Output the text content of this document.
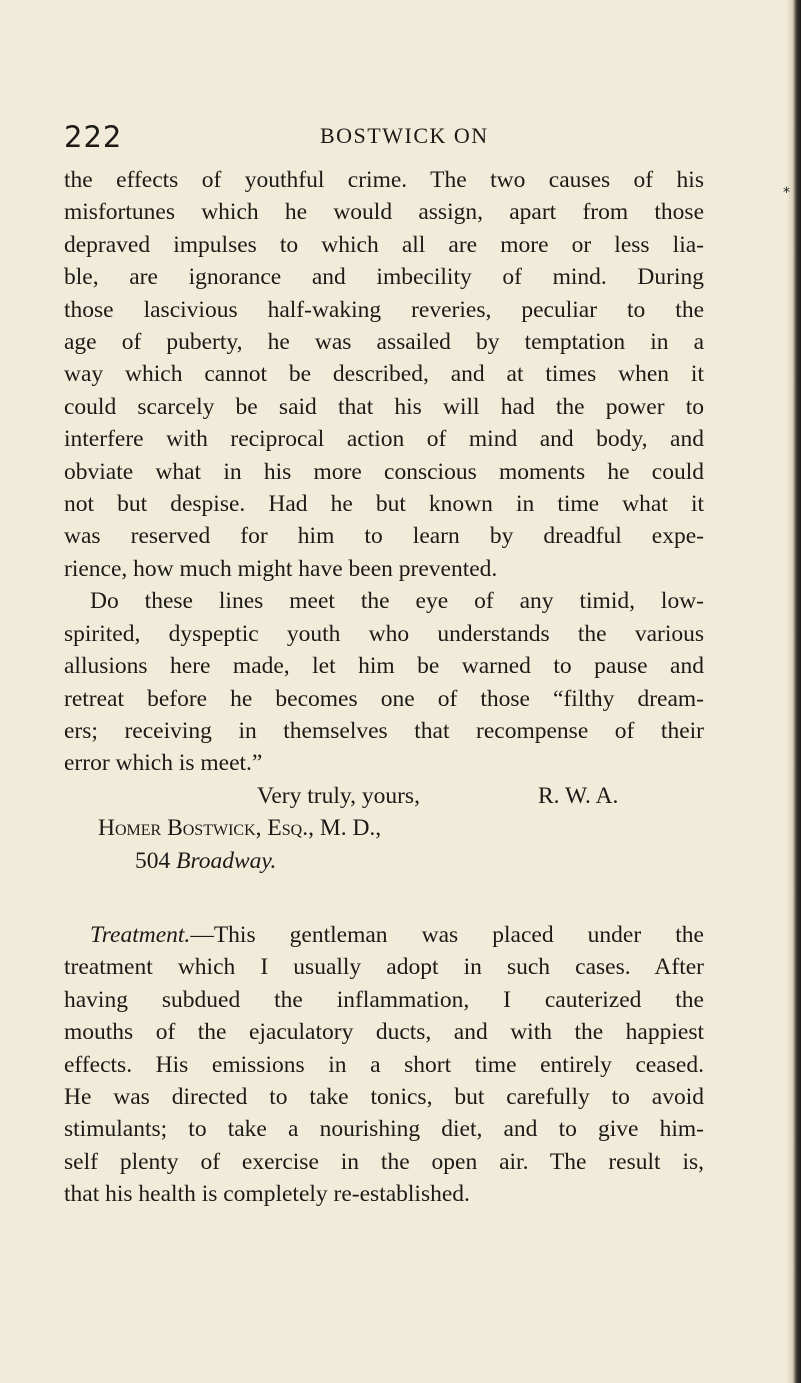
222	BOSTWICK ON
*
the effects of youthful crime. The two causes of his
misfortunes which he would assign, apart from those
depraved impulses to which all are more or less lia-
ble, are ignorance and imbecility of mind. During
those lascivious half-waking reveries, peculiar to the
age of puberty, he was assailed by temptation in a
way which cannot be described, and at times when it
could scarcely be said that his will had the power to
interfere with reciprocal action of mind and body, and
obviate what in his more conscious moments he could
not but despise. Had he but known in time what it
was reserved for him to learn by dreadful expe-
rience, how much might have been prevented.
Do these lines meet the eye of any timid, low-
spirited, dyspeptic youth who understands the various
allusions here made, let him be warned to pause and
retreat before he becomes one of those “filthy dream-
ers; receiving in themselves that recompense of their
error which is meet.”
Very truly, yours,	R. W. A.
Homer Bostwick, Esq., M. D.,
504 Broadway.
Treatment.—This gentleman was placed under the
treatment which I usually adopt in such cases. After
having subdued the inflammation, I cauterized the
mouths of the ejaculatory ducts, and with the happiest
effects. His emissions in a short time entirely ceased.
He was directed to take tonics, but carefully to avoid
stimulants; to take a nourishing diet, and to give him-
self plenty of exercise in the open air. The result is,
that his health is completely re-established.
